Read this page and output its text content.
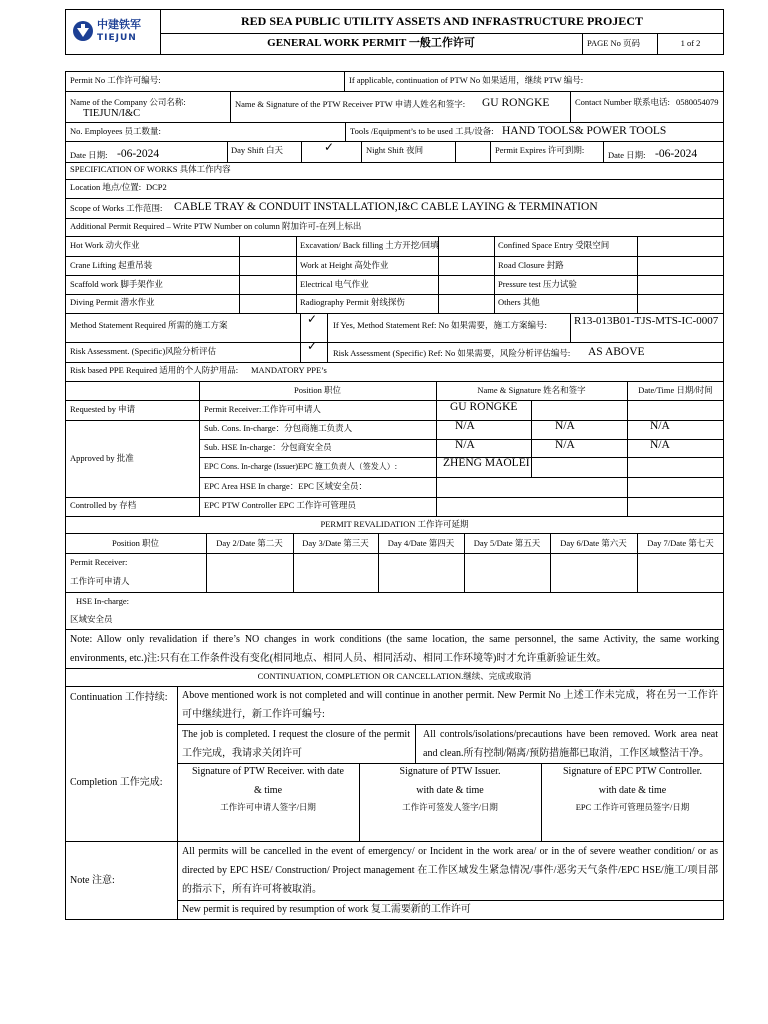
中建铁军
TIEJUN
RED SEA PUBLIC UTILITY ASSETS AND INFRASTRUCTURE PROJECT
GENERAL WORK PERMIT 一般工作许可	PAGE No 页码	1 of 2
Permit No 工作许可编号:	If applicable, continuation of PTW No 如果适用，继续 PTW 编号:
Name of the Company 公司名称:
TIEJUN/I&C
Name & Signature of the PTW Receiver PTW 申请人姓名和签字: GU RONGKE	Contact Number 联系电话: 0580054079
No. Employees 员工数量:	Tools /Equipment’s to be used 工具/设备: HAND TOOLS& POWER TOOLS
Date 日期: -06-2024	Day Shift 白天	✓	Night Shift 夜间	Permit Expires 许可到期:	Date 日期: -06-2024
SPECIFICATION OF WORKS 具体工作内容
Location 地点/位置: DCP2
Scope of Works 工作范围: CABLE TRAY & CONDUIT INSTALLATION,I&C CABLE LAYING & TERMINATION
Additional Permit Required – Write PTW Number on column 附加许可-在列上标出
Hot Work 动火作业	Excavation/ Back filling 土方开挖/回填	Confined Space Entry 受限空间
Crane Lifting 起重吊装	Work at Height 高处作业	Road Closure 封路
Scaffold work 脚手架作业	Electrical 电气作业	Pressure test 压力试验
Diving Permit 潜水作业	Radiography Permit 射线探伤	Others 其他
Method Statement Required 所需的施工方案	✓ If Yes, Method Statement Ref: No 如果需要，施工方案编号: R13-013B01-TJS-MTS-IC-0007
Risk Assessment. (Specific)风险分析评估	✓ Risk Assessment (Specific) Ref: No 如果需要，风险分析评估编号: AS ABOVE
Risk based PPE Required 适用的个人防护用品: MANDATORY PPE’s
Position 职位	Name & Signature 姓名和签字	Date/Time 日期/时间
Requested by 申请	Permit Receiver:工作许可申请人	GU RONGKE
Approved by 批准
Sub. Cons. In-charge：分包商施工负责人	N/A	N/A	N/A
Sub. HSE In-charge：分包商安全员	N/A	N/A	N/A
EPC Cons. In-charge (Issuer)EPC 施工负责人（签发人）:	ZHENG MAOLEI
EPC Area HSE In charge：EPC 区域安全员：
Controlled by 存档	EPC PTW Controller EPC 工作许可管理员
PERMIT REVALIDATION 工作许可延期
Position 职位	Day 2/Date 第二天	Day 3/Date 第三天	Day 4/Date 第四天	Day 5/Date 第五天	Day 6/Date 第六天	Day 7/Date 第七天
Permit Receiver:
工作许可申请人
HSE In-charge:
区域安全员
Note: Allow only revalidation if there’s NO changes in work conditions (the same location, the same personnel, the same Activity, the same working environments, etc.)注:只有在工作条件没有变化(相同地点、相同人员、相同活动、相同工作环境等)时才允许重新验证生效。
CONTINUATION, COMPLETION OR CANCELLATION.继续、完成或取消
Continuation 工作持续: Above mentioned work is not completed and will continue in another permit. New Permit No 上述工作未完成，将在另一工作许可中继续进行，新工作许可编号:
Completion 工作完成:
The job is completed. I request the closure of the permit 工作完成，我请求关闭许可
All controls/isolations/precautions have been removed. Work area neat and clean.所有控制/隔离/预防措施都已取消，工作区域整洁干净。
Signature of PTW Receiver. with date
& time
工作许可申请人签字/日期
Signature of PTW Issuer.
with date & time
工作许可签发人签字/日期
Signature of EPC PTW Controller.
with date & time
EPC 工作许可管理员签字/日期
Note 注意:
All permits will be cancelled in the event of emergency/ or Incident in the work area/ or in the of severe weather condition/ or as directed by EPC HSE/ Construction/ Project management 在工作区域发生紧急情况/事件/恶劣天气条件/EPC HSE/施工/项目部的指示下，所有许可将被取消。
New permit is required by resumption of work 复工需要新的工作许可
